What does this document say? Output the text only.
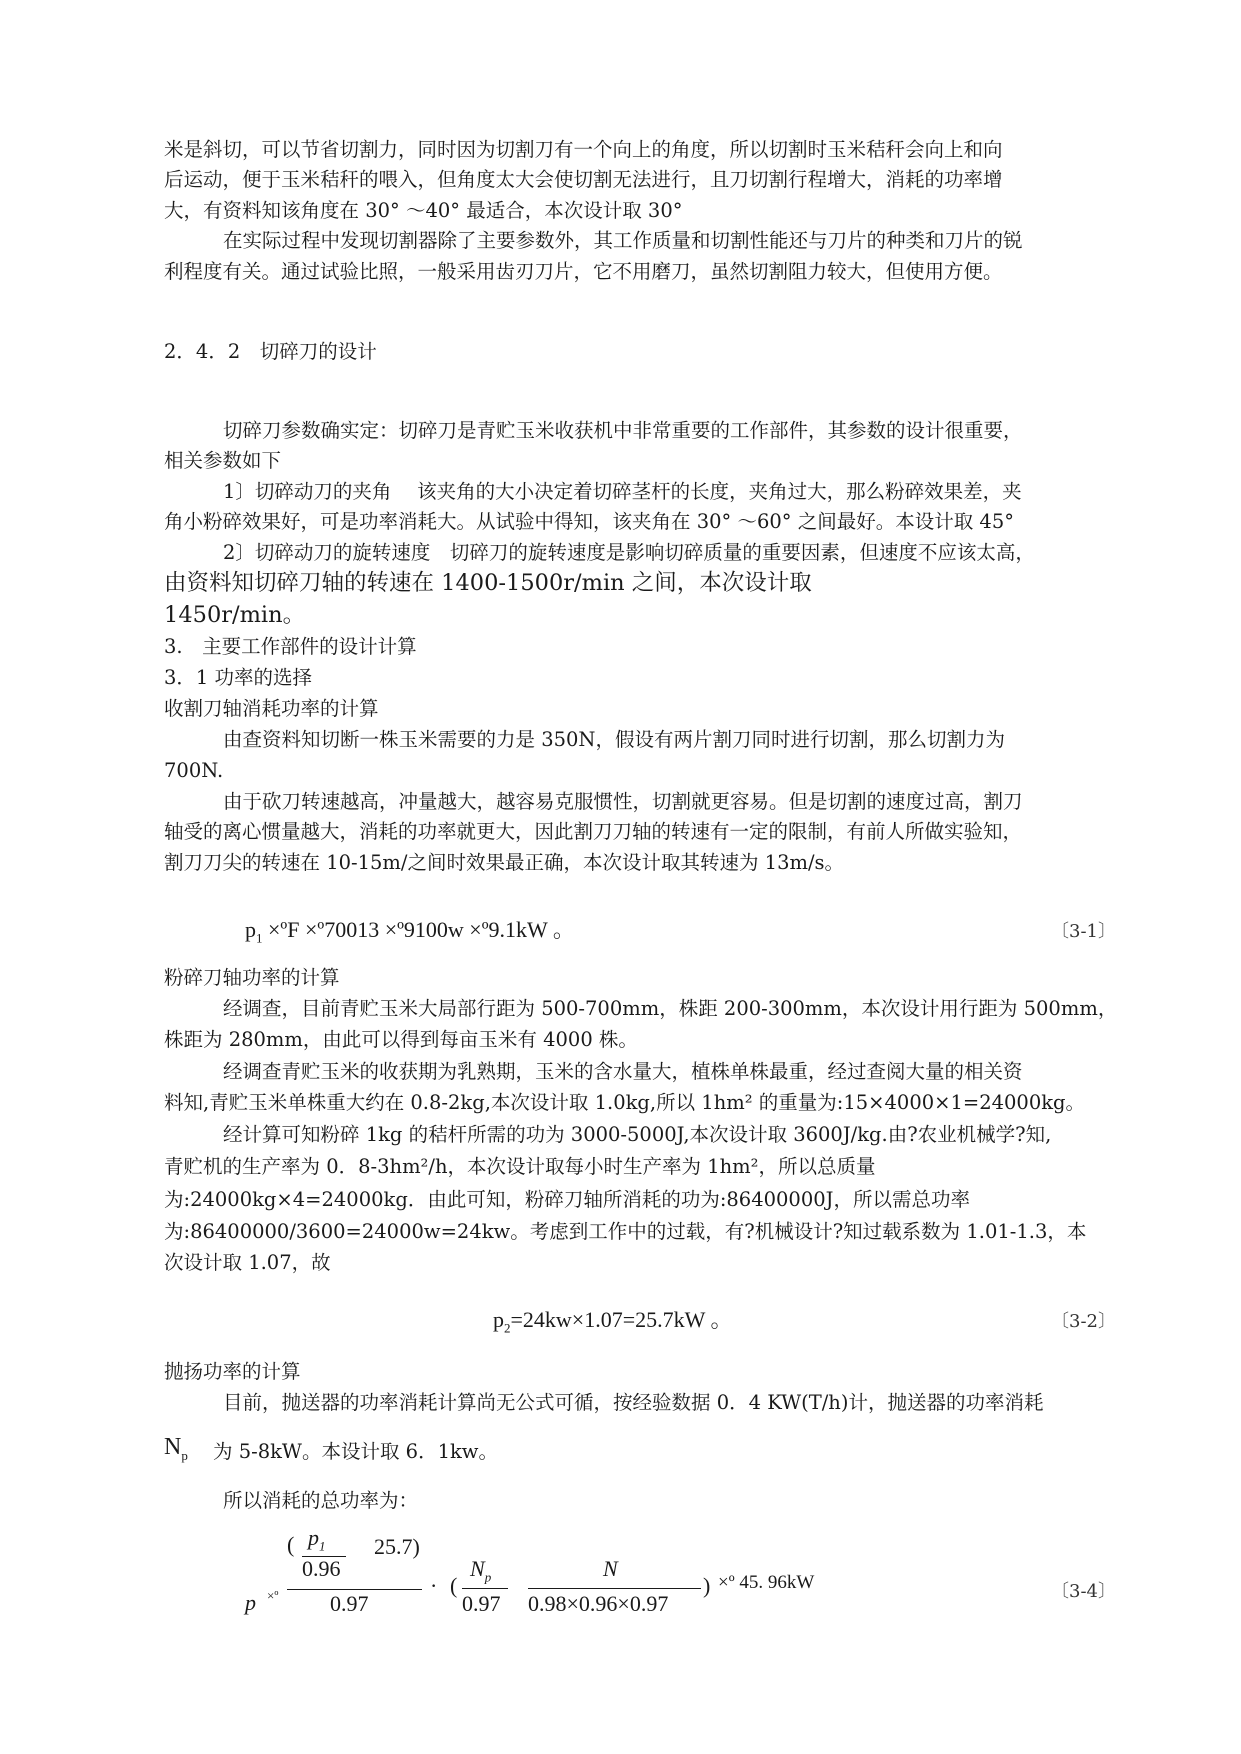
米是斜切，可以节省切割力，同时因为切割刀有一个向上的角度，所以切割时玉米秸秆会向上和向
后运动，便于玉米秸秆的喂入，但角度太大会使切割无法进行，且刀切割行程增大，消耗的功率增
大，有资料知该角度在 30° ～40° 最适合，本次设计取 30°
在实际过程中发现切割器除了主要参数外，其工作质量和切割性能还与刀片的种类和刀片的锐
利程度有关。通过试验比照，一般采用齿刃刀片，它不用磨刀，虽然切割阻力较大，但使用方便。
2．4．2　切碎刀的设计
切碎刀参数确实定：切碎刀是青贮玉米收获机中非常重要的工作部件，其参数的设计很重要，
相关参数如下
1〕切碎动刀的夹角　 该夹角的大小决定着切碎茎杆的长度，夹角过大，那么粉碎效果差，夹
角小粉碎效果好，可是功率消耗大。从试验中得知，该夹角在 30° ～60° 之间最好。本设计取 45°
2〕切碎动刀的旋转速度　切碎刀的旋转速度是影响切碎质量的重要因素，但速度不应该太高，
由资料知切碎刀轴的转速在 1400-1500r/min 之间，本次设计取
1450r/min。
3.　主要工作部件的设计计算
3．1 功率的选择
收割刀轴消耗功率的计算
由查资料知切断一株玉米需要的力是 350N，假设有两片割刀同时进行切割，那么切割力为
700N.
由于砍刀转速越高，冲量越大，越容易克服惯性，切割就更容易。但是切割的速度过高，割刀
轴受的离心惯量越大，消耗的功率就更大，因此割刀刀轴的转速有一定的限制，有前人所做实验知，
割刀刀尖的转速在 10-15m/之间时效果最正确，本次设计取其转速为 13m/s。
$p_1$ ×ºF ×º70013 ×º9100w ×º9.1kW 。	〔3-1〕
粉碎刀轴功率的计算
经调查，目前青贮玉米大局部行距为 500-700mm，株距 200-300mm，本次设计用行距为 500mm，
株距为 280mm，由此可以得到每亩玉米有 4000 株。
经调查青贮玉米的收获期为乳熟期，玉米的含水量大，植株单株最重，经过查阅大量的相关资
料知,青贮玉米单株重大约在 0.8-2kg,本次设计取 1.0kg,所以 1hm² 的重量为:15×4000×1=24000kg。
经计算可知粉碎 1kg 的秸杆所需的功为 3000-5000J,本次设计取 3600J/kg.由?农业机械学?知,
青贮机的生产率为 0．8-3hm²/h，本次设计取每小时生产率为 1hm²，所以总质量
为:24000kg×4=24000kg．由此可知，粉碎刀轴所消耗的功为:86400000J，所以需总功率
为:86400000/3600=24000w=24kw。考虑到工作中的过载，有?机械设计?知过载系数为 1.01-1.3，本
次设计取 1.07，故
$p_2=24kw\times 1.07=25.7kW$ 。	〔3-2〕
抛扬功率的计算
目前，抛送器的功率消耗计算尚无公式可循，按经验数据 0．4 KW(T/h)计，抛送器的功率消耗
$N_p$ 为 5-8kW。本设计取 6．1kw。
所以消耗的总功率为：
p ×º
( $p_1$
0.96
25.7)
0.97
· (
$N_p$
0.97
N
0.98×0.96×0.97
) ×º 45. 96kW	〔3-4〕
